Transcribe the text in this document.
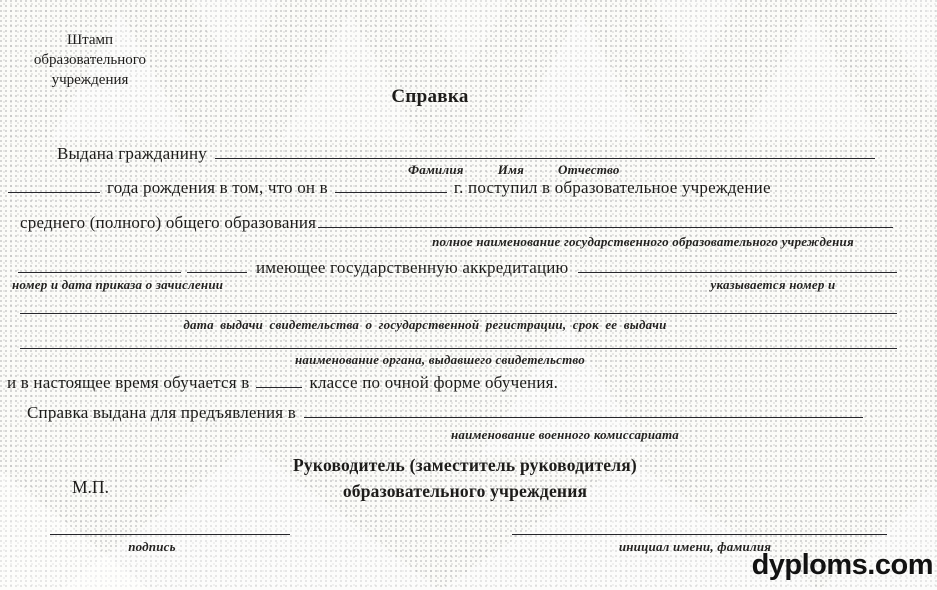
Штамп
образовательного
учреждения
Справка
Выдана гражданину
Фамилия	Имя	Отчество
года рождения в том, что он в	г. поступил в образовательное учреждение
среднего (полного) общего образования
полное наименование государственного образовательного учреждения
имеющее государственную аккредитацию
номер и дата приказа о зачислении	указывается номер и
дата выдачи свидетельства о государственной регистрации, срок ее выдачи
наименование органа, выдавшего свидетельство
и в настоящее время обучается в	классе по очной форме обучения.
Справка выдана для предъявления в
наименование военного комиссариата
Руководитель (заместитель руководителя)
образовательного учреждения
М.П.
подпись	инициал имени, фамилия
dyploms.com
